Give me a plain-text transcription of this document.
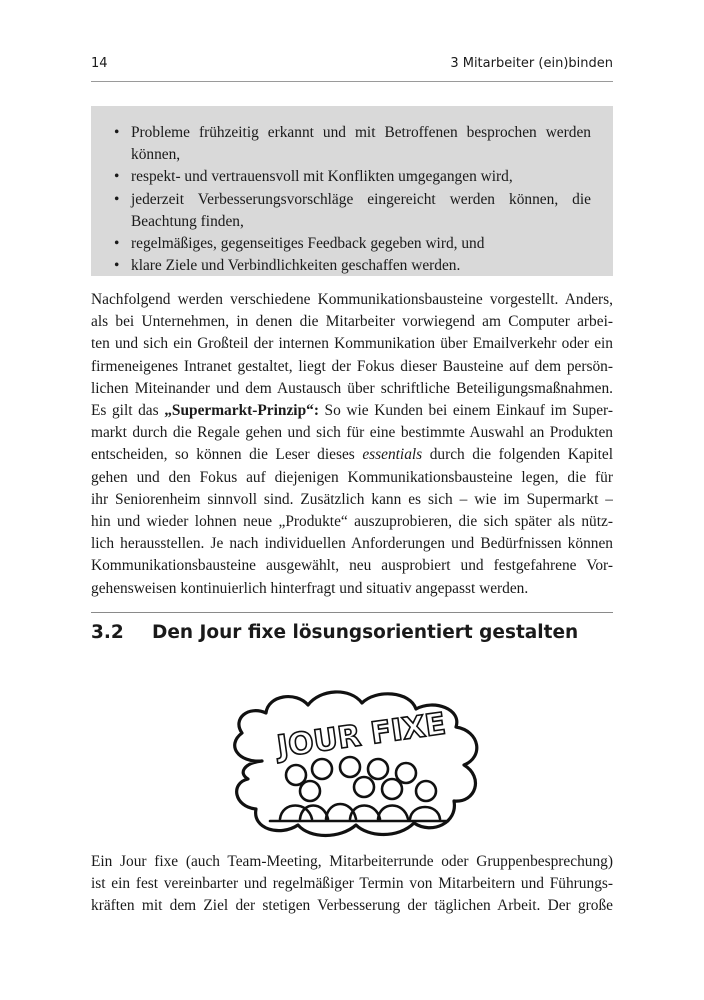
14	3 Mitarbeiter (ein)binden
• Probleme frühzeitig erkannt und mit Betroffenen besprochen werden können,
• respekt- und vertrauensvoll mit Konflikten umgegangen wird,
• jederzeit Verbesserungsvorschläge eingereicht werden können, die Beachtung finden,
• regelmäßiges, gegenseitiges Feedback gegeben wird, und
• klare Ziele und Verbindlichkeiten geschaffen werden.
Nachfolgend werden verschiedene Kommunikationsbausteine vorgestellt. Anders,
als bei Unternehmen, in denen die Mitarbeiter vorwiegend am Computer arbei-
ten und sich ein Großteil der internen Kommunikation über Emailverkehr oder ein
firmeneigenes Intranet gestaltet, liegt der Fokus dieser Bausteine auf dem persön-
lichen Miteinander und dem Austausch über schriftliche Beteiligungsmaßnahmen.
Es gilt das „Supermarkt-Prinzip“: So wie Kunden bei einem Einkauf im Super-
markt durch die Regale gehen und sich für eine bestimmte Auswahl an Produkten
entscheiden, so können die Leser dieses essentials durch die folgenden Kapitel
gehen und den Fokus auf diejenigen Kommunikationsbausteine legen, die für
ihr Seniorenheim sinnvoll sind. Zusätzlich kann es sich – wie im Supermarkt –
hin und wieder lohnen neue „Produkte“ auszuprobieren, die sich später als nütz-
lich herausstellen. Je nach individuellen Anforderungen und Bedürfnissen können
Kommunikationsbausteine ausgewählt, neu ausprobiert und festgefahrene Vor-
gehensweisen kontinuierlich hinterfragt und situativ angepasst werden.
3.2 Den Jour fixe lösungsorientiert gestalten
JOUR FIXE
Ein Jour fixe (auch Team-Meeting, Mitarbeiterrunde oder Gruppenbesprechung)
ist ein fest vereinbarter und regelmäßiger Termin von Mitarbeitern und Führungs-
kräften mit dem Ziel der stetigen Verbesserung der täglichen Arbeit. Der große
